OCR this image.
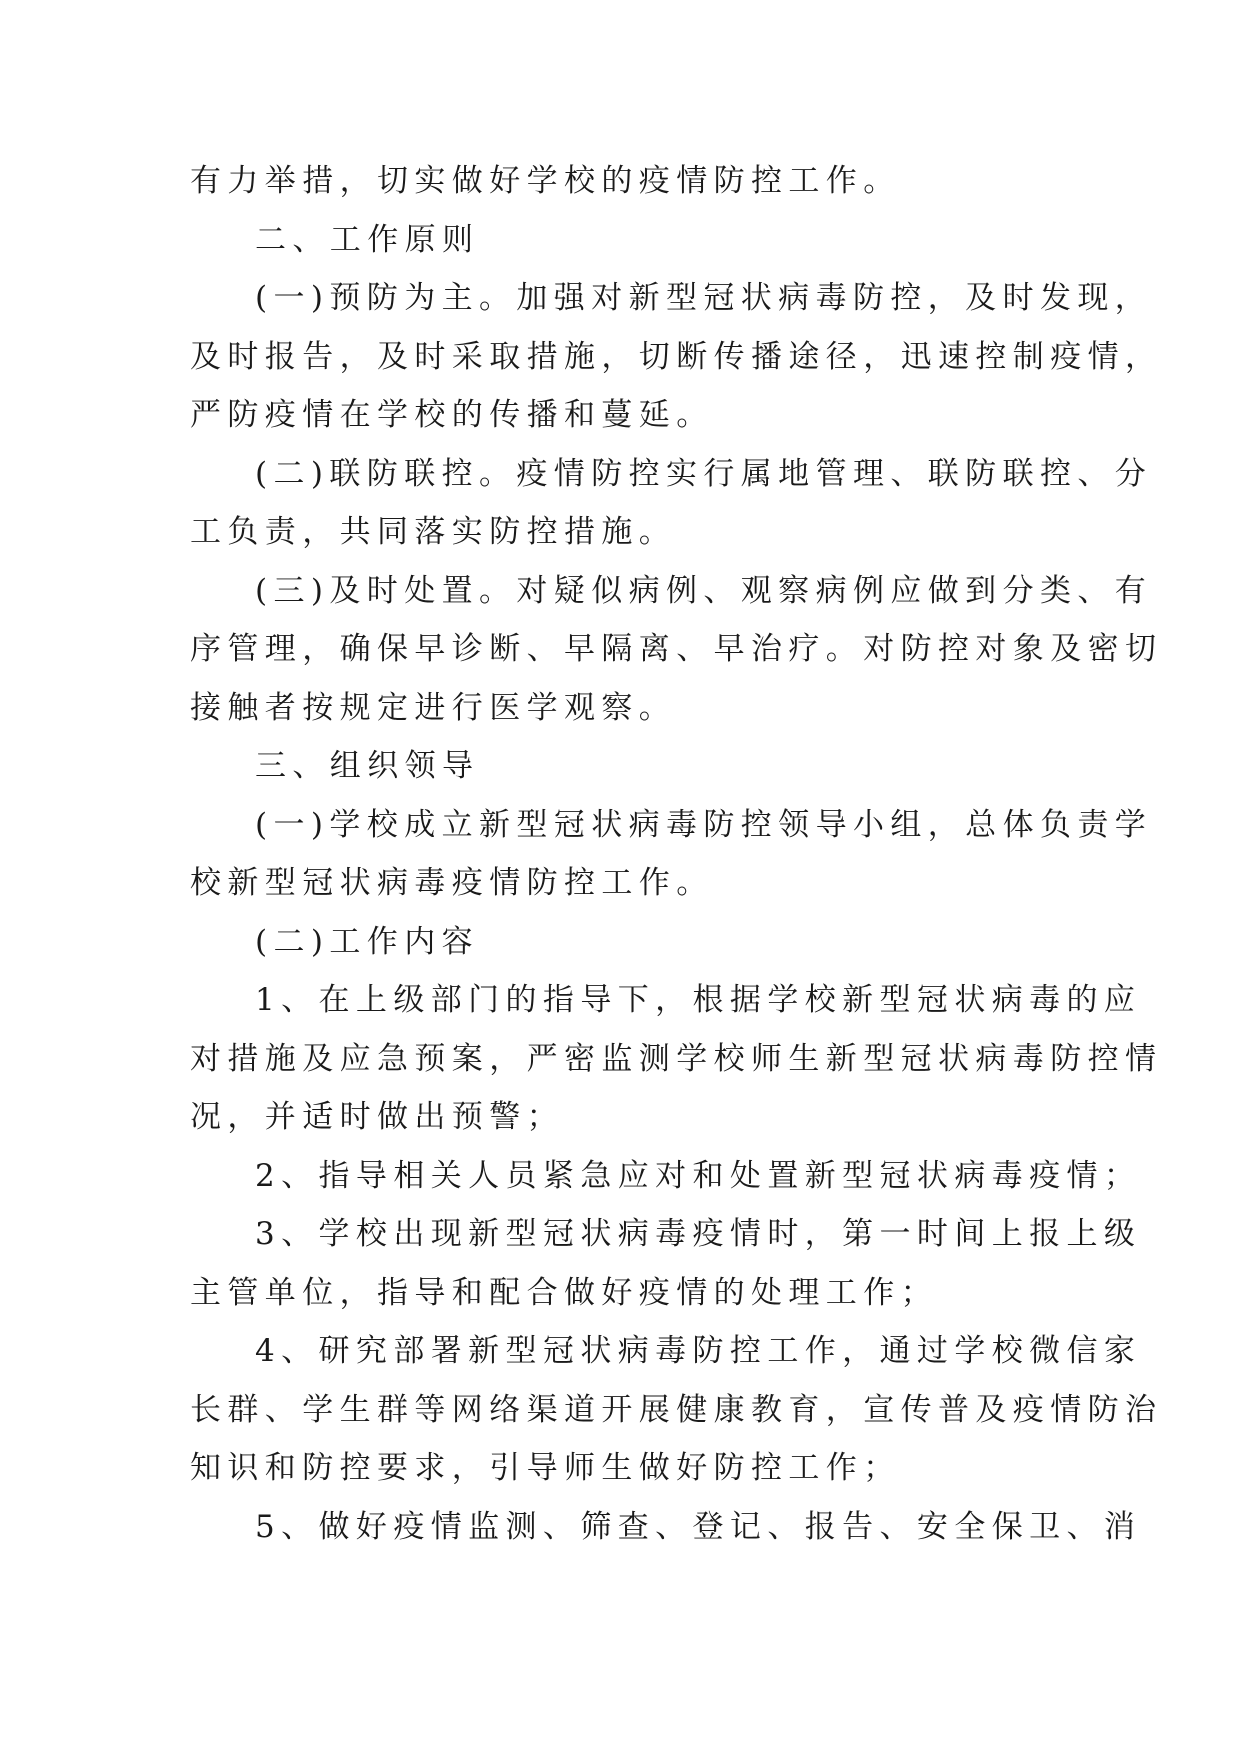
有力举措，切实做好学校的疫情防控工作。
二、工作原则
(一)预防为主。加强对新型冠状病毒防控，及时发现，
及时报告，及时采取措施，切断传播途径，迅速控制疫情，
严防疫情在学校的传播和蔓延。
(二)联防联控。疫情防控实行属地管理、联防联控、分
工负责，共同落实防控措施。
(三)及时处置。对疑似病例、观察病例应做到分类、有
序管理，确保早诊断、早隔离、早治疗。对防控对象及密切
接触者按规定进行医学观察。
三、组织领导
(一)学校成立新型冠状病毒防控领导小组，总体负责学
校新型冠状病毒疫情防控工作。
(二)工作内容
1、在上级部门的指导下，根据学校新型冠状病毒的应
对措施及应急预案，严密监测学校师生新型冠状病毒防控情
况，并适时做出预警；
2、指导相关人员紧急应对和处置新型冠状病毒疫情；
3、学校出现新型冠状病毒疫情时，第一时间上报上级
主管单位，指导和配合做好疫情的处理工作；
4、研究部署新型冠状病毒防控工作，通过学校微信家
长群、学生群等网络渠道开展健康教育，宣传普及疫情防治
知识和防控要求，引导师生做好防控工作；
5、做好疫情监测、筛查、登记、报告、安全保卫、消
